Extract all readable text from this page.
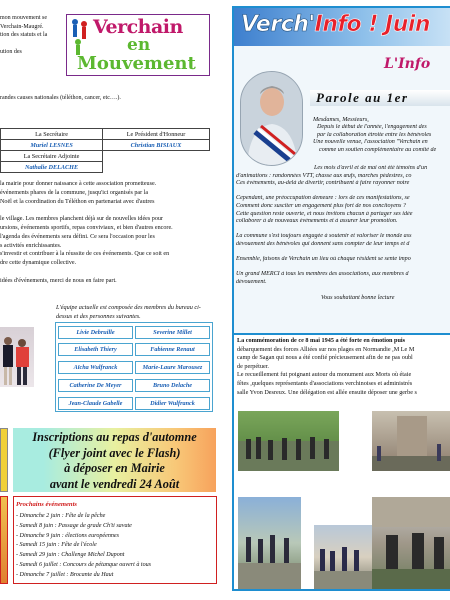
mon mouvement se

Verchain-Maugré.

tion des statuts et la

ution des

randes causes nationales (téléthon, cancer, etc….).
Verchain
en
Mouvement
La Secrétaire	Le Président d'Honneur
Muriel LESNES	Christian BISIAUX
La Secrétaire Adjointe	
Nathalie DELACHE	

la mairie pour donner naissance à cette association prometteuse.

événements phares de la commune, jusqu'ici organisés par la

Noël et la coordination du Téléthon en partenariat avec d'autres

le village. Les membres planchent déjà sur de nouvelles idées pour

ursions, événements sportifs, repas conviviaux, et bien d'autres encore.

l'agenda des événements sera défini. Ce sera l'occasion pour les

s activités enrichissantes.

s'investir et contribuer à la réussite de ces événements. Que ce soit en

dre cette dynamique collective.

idées d'événements, merci de nous en faire part.

L'équipe actuelle est composée des membres du bureau ci-dessus et des personnes suivantes.
Livie Debruille	Severine Millet
Elisabeth Thiery	Fabienne Renaut
Aïcha Wulfranck	Marie-Laure Marousez
Catherine De Meyer	Bruno Delache
Jean-Claude Gabelle	Didier Wulfranck
Inscriptions au repas d'automne
(Flyer joint avec le Flash)
à déposer en Mairie
avant le vendredi 24 Août
Prochains événements
- Dimanche 2 juin : Fête de la pêche
- Samedi 8 juin : Passage de grade Ch'ti savate
- Dimanche 9 juin : élections européennes
- Samedi 15 juin : Fête de l'école
- Samedi 29 juin : Challenge Michel Dupont
- Samedi 6 juillet : Concours de pétanque ouvert à tous
- Dimanche 7 juillet : Brocante du Haut
Verch'Info ! Juin
L'Info
Parole au 1er
Mesdames, Messieurs,

Depuis le début de l'année, l'engagement des

par la collaboration étroite entre les bénévoles

Une nouvelle venue, l'association "Verchain en

comme un soutien complémentaire au comité de

Les mois d'avril et de mai ont été témoins d'un

d'animations : randonnées VTT, chasse aux œufs, marches pédestres, co

Ces événements, au-delà de divertir, contribuent à faire rayonner notre

Cependant, une préoccupation demeure : lors de ces manifestations, se

Comment donc susciter un engagement plus fort de nos concitoyens ?

Cette question reste ouverte, et nous invitons chacun à partager ses idée

collaborer à de nouveaux événements et à assurer leur promotion.

La commune s'est toujours engagée à soutenir et valoriser le monde ass

dévouement des bénévoles qui donnent sans compter de leur temps et d

Ensemble, faisons de Verchain un lieu où chaque résident se sente impo

Un grand MERCI à tous les membres des associations, aux membres d

dévouement.

Vous souhaitant bonne lecture

La commémoration de ce 8 mai 1945 a été forte en émotion puis

débarquement des forces Alliées sur nos plages en Normandie ,M Le M

camp de Sagan qui nous a été confié précieusement afin de ne pas oubl

de perpétuer.

Le recueillement fut poignant autour du monument aux Morts où étaie

fêtes ,quelques représentants d'associations verchinoises et administrés

salle Yvon Desreux. Une délégation est allée ensuite déposer une gerbe s
